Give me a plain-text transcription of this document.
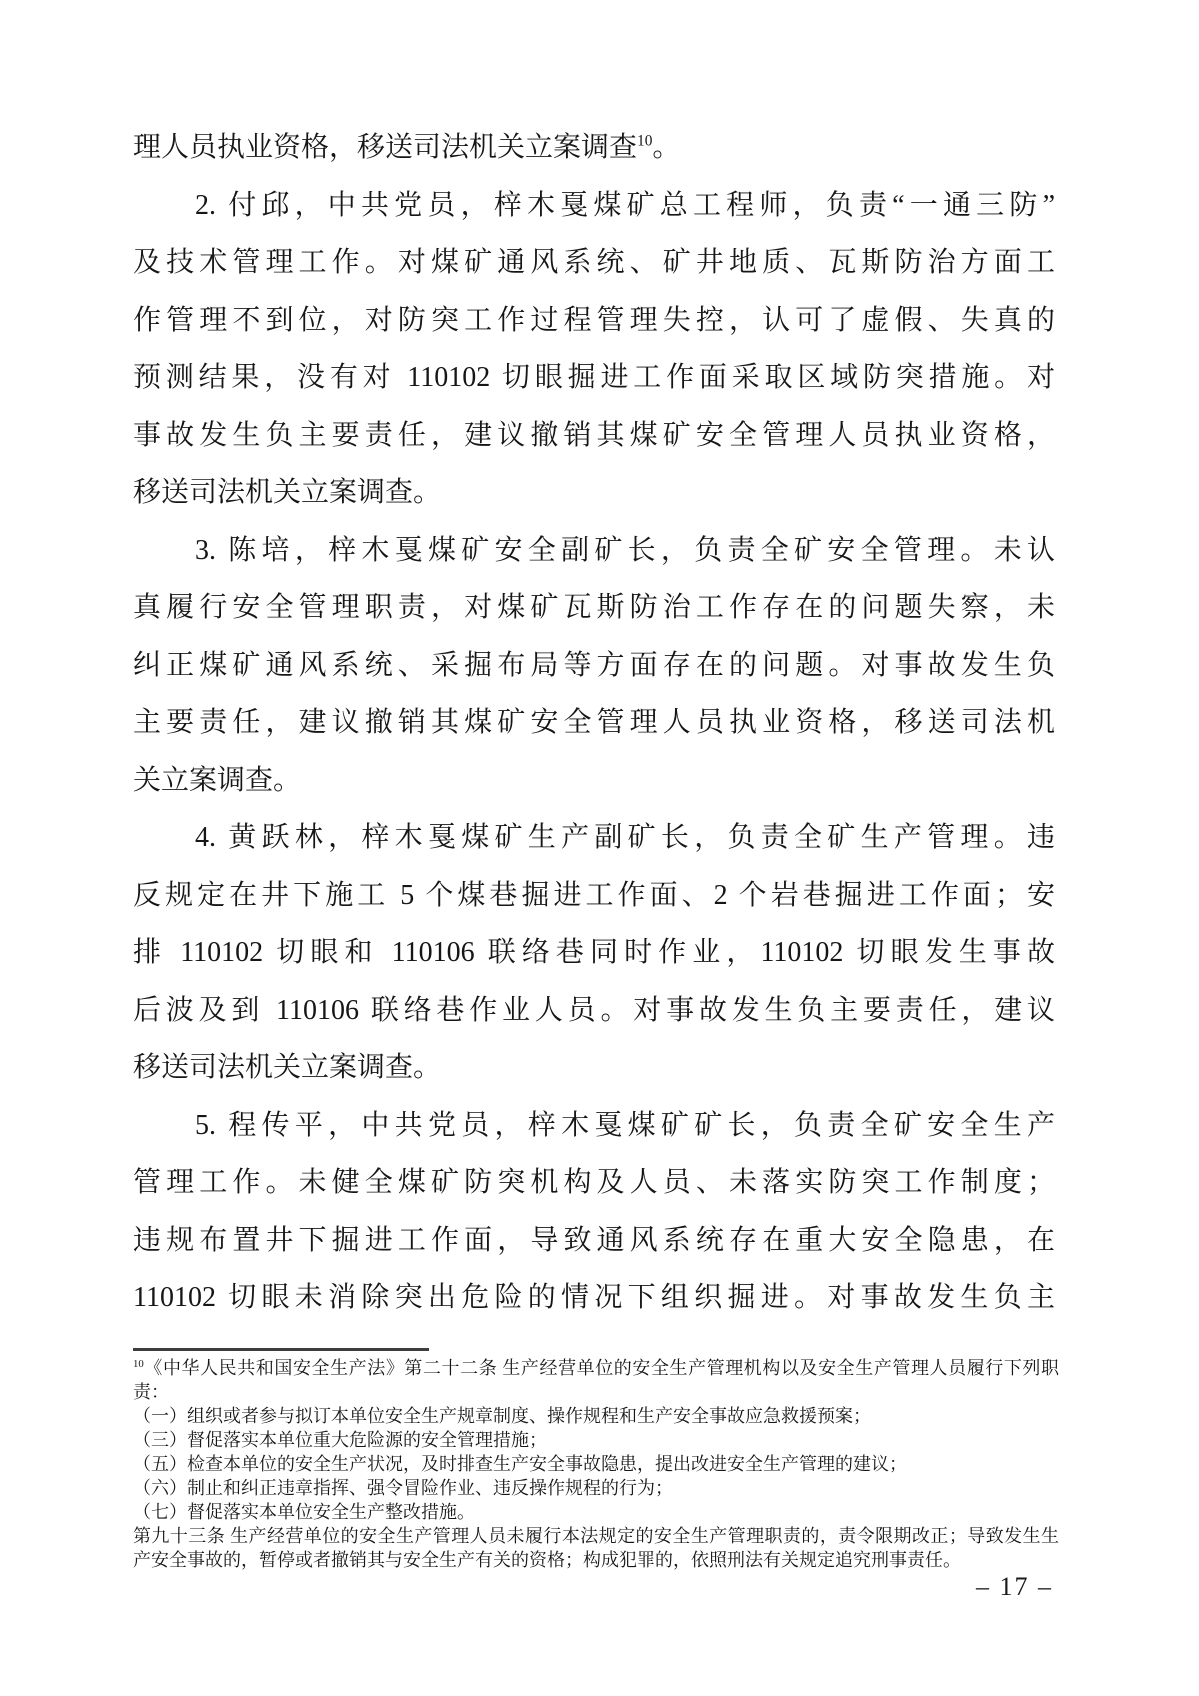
理人员执业资格，移送司法机关立案调查$^{10}$。
2. 付邱，中共党员，梓木戛煤矿总工程师，负责“一通三防”
及技术管理工作。对煤矿通风系统、矿井地质、瓦斯防治方面工
作管理不到位，对防突工作过程管理失控，认可了虚假、失真的
预测结果，没有对 110102 切眼掘进工作面采取区域防突措施。对
事故发生负主要责任，建议撤销其煤矿安全管理人员执业资格，
移送司法机关立案调查。
3. 陈培，梓木戛煤矿安全副矿长，负责全矿安全管理。未认
真履行安全管理职责，对煤矿瓦斯防治工作存在的问题失察，未
纠正煤矿通风系统、采掘布局等方面存在的问题。对事故发生负
主要责任，建议撤销其煤矿安全管理人员执业资格，移送司法机
关立案调查。
4. 黄跃林，梓木戛煤矿生产副矿长，负责全矿生产管理。违
反规定在井下施工 5 个煤巷掘进工作面、2 个岩巷掘进工作面；安
排 110102 切眼和 110106 联络巷同时作业，110102 切眼发生事故
后波及到 110106 联络巷作业人员。对事故发生负主要责任，建议
移送司法机关立案调查。
5. 程传平，中共党员，梓木戛煤矿矿长，负责全矿安全生产
管理工作。未健全煤矿防突机构及人员、未落实防突工作制度；
违规布置井下掘进工作面，导致通风系统存在重大安全隐患，在
110102 切眼未消除突出危险的情况下组织掘进。对事故发生负主
$^{10}$《中华人民共和国安全生产法》第二十二条 生产经营单位的安全生产管理机构以及安全生产管理人员履行下列职
责：
（一）组织或者参与拟订本单位安全生产规章制度、操作规程和生产安全事故应急救援预案；
（三）督促落实本单位重大危险源的安全管理措施；
（五）检查本单位的安全生产状况，及时排查生产安全事故隐患，提出改进安全生产管理的建议；
（六）制止和纠正违章指挥、强令冒险作业、违反操作规程的行为；
（七）督促落实本单位安全生产整改措施。
第九十三条 生产经营单位的安全生产管理人员未履行本法规定的安全生产管理职责的，责令限期改正；导致发生生
产安全事故的，暂停或者撤销其与安全生产有关的资格；构成犯罪的，依照刑法有关规定追究刑事责任。
– 17 –
